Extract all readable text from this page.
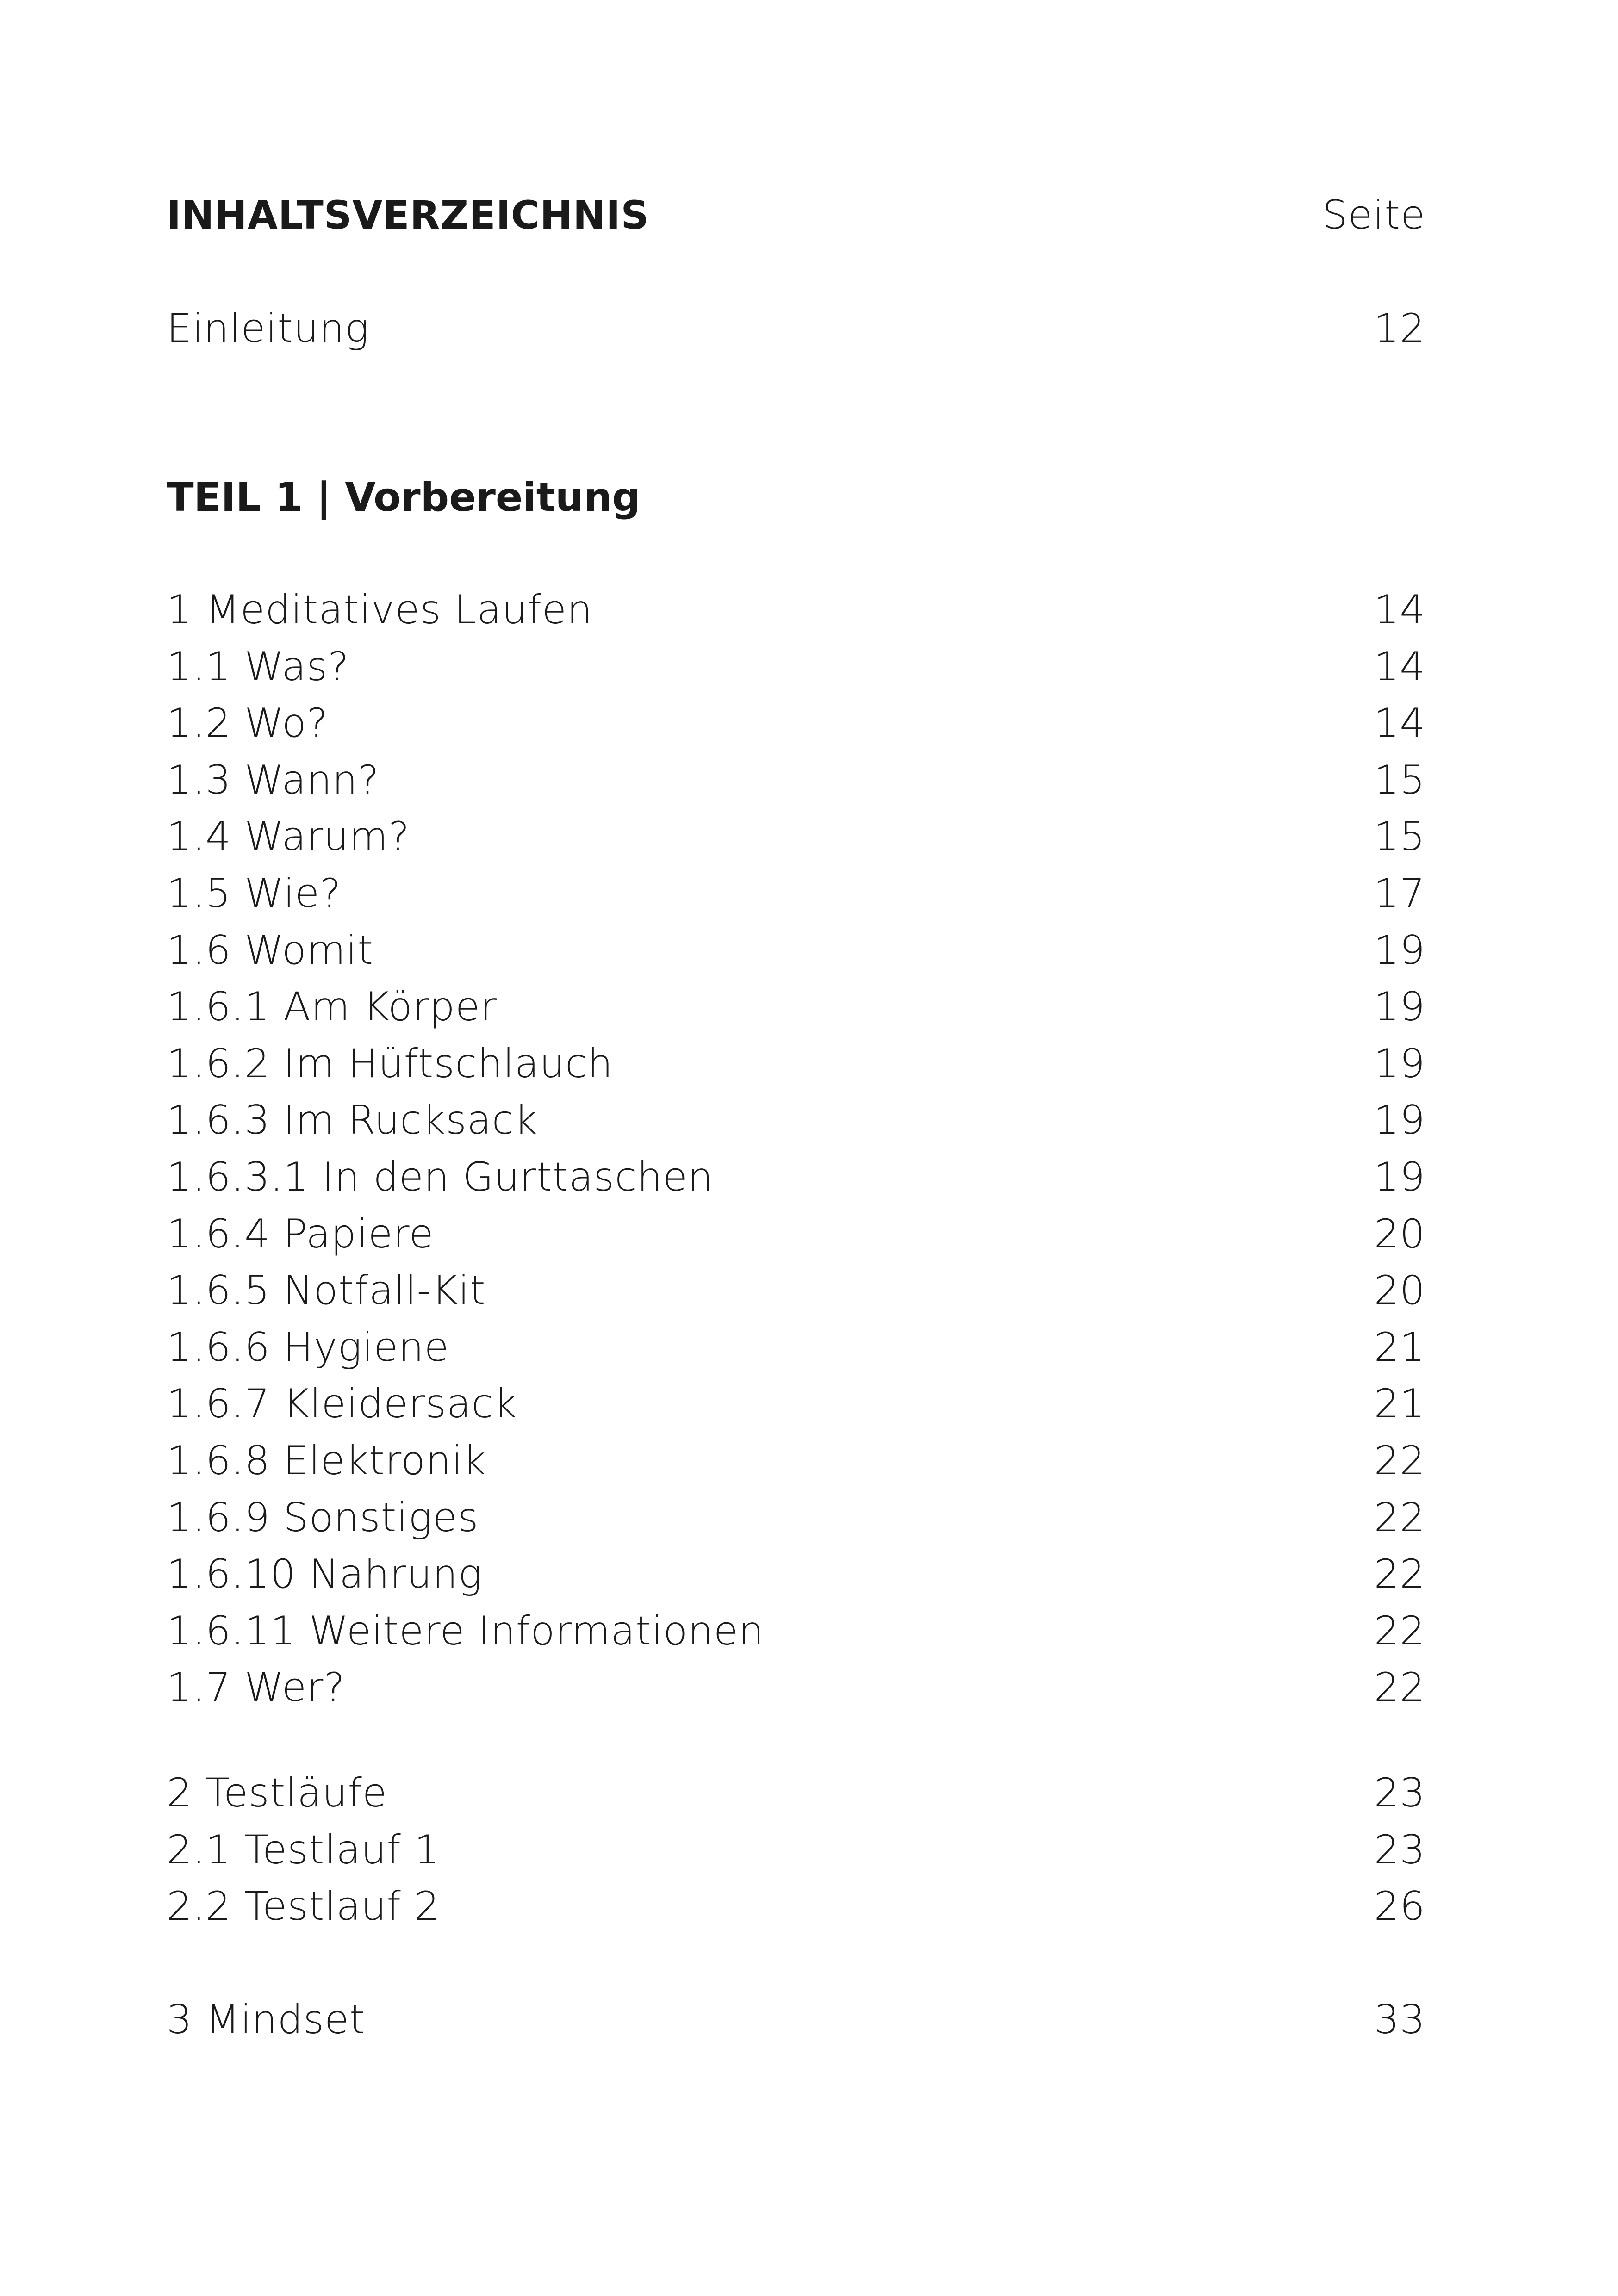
INHALTSVERZEICHNIS	Seite
Einleitung	12
TEIL 1 | Vorbereitung
1 Meditatives Laufen	14
1.1 Was?	14
1.2 Wo?	14
1.3 Wann?	15
1.4 Warum?	15
1.5 Wie?	17
1.6 Womit	19
1.6.1 Am Körper	19
1.6.2 Im Hüftschlauch	19
1.6.3 Im Rucksack	19
1.6.3.1 In den Gurttaschen	19
1.6.4 Papiere	20
1.6.5 Notfall-Kit	20
1.6.6 Hygiene	21
1.6.7 Kleidersack	21
1.6.8 Elektronik	22
1.6.9 Sonstiges	22
1.6.10 Nahrung	22
1.6.11 Weitere Informationen	22
1.7 Wer?	22
2 Testläufe	23
2.1 Testlauf 1	23
2.2 Testlauf 2	26
3 Mindset	33
